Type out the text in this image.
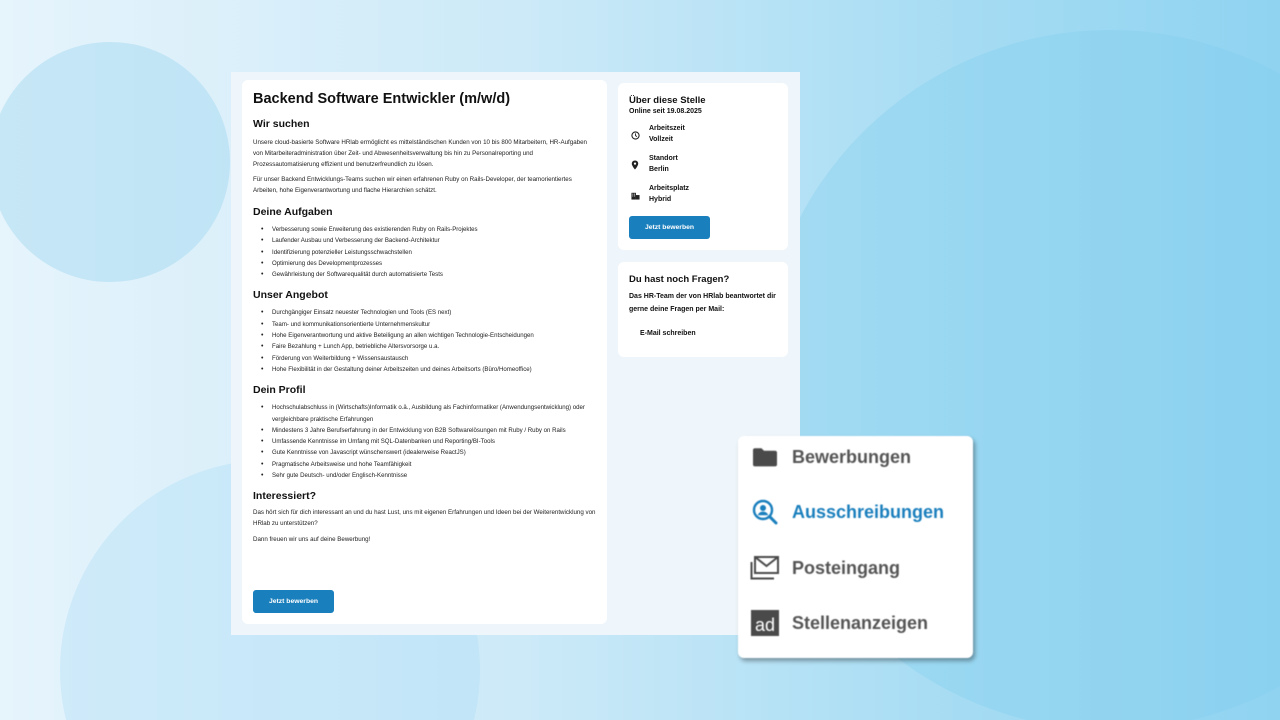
Backend Software Entwickler (m/w/d)
Wir suchen

Unsere cloud-basierte Software HRlab ermöglicht es mittelständischen Kunden von 10 bis 800 Mitarbeitern, HR-Aufgaben von Mitarbeiteradministration über Zeit- und Abwesenheitsverwaltung bis hin zu Personalreporting und Prozessautomatisierung effizient und benutzerfreundlich zu lösen.

Für unser Backend Entwicklungs-Teams suchen wir einen erfahrenen Ruby on Rails-Developer, der teamorientiertes Arbeiten, hohe Eigenverantwortung und flache Hierarchien schätzt.

Deine Aufgaben
• Verbesserung sowie Erweiterung des existierenden Ruby on Rails-Projektes
• Laufender Ausbau und Verbesserung der Backend-Architektur
• Identifizierung potenzieller Leistungsschwachstellen
• Optimierung des Developmentprozesses
• Gewährleistung der Softwarequalität durch automatisierte Tests
Unser Angebot
• Durchgängiger Einsatz neuester Technologien und Tools (ES next)
• Team- und kommunikationsorientierte Unternehmenskultur
• Hohe Eigenverantwortung und aktive Beteiligung an allen wichtigen Technologie-Entscheidungen
• Faire Bezahlung + Lunch App, betriebliche Altersvorsorge u.a.
• Förderung von Weiterbildung + Wissensaustausch
• Hohe Flexibilität in der Gestaltung deiner Arbeitszeiten und deines Arbeitsorts (Büro/Homeoffice)
Dein Profil
• Hochschulabschluss in (Wirtschafts)Informatik o.ä., Ausbildung als Fachinformatiker (Anwendungsentwicklung) oder vergleichbare praktische Erfahrungen
• Mindestens 3 Jahre Berufserfahrung in der Entwicklung von B2B Softwarelösungen mit Ruby / Ruby on Rails
• Umfassende Kenntnisse im Umfang mit SQL-Datenbanken und Reporting/BI-Tools
• Gute Kenntnisse von Javascript wünschenswert (idealerweise ReactJS)
• Pragmatische Arbeitsweise und hohe Teamfähigkeit
• Sehr gute Deutsch- und/oder Englisch-Kenntnisse
Interessiert?

Das hört sich für dich interessant an und du hast Lust, uns mit eigenen Erfahrungen und Ideen bei der Weiterentwicklung von HRlab zu unterstützen?

Dann freuen wir uns auf deine Bewerbung!

Jetzt bewerben
Über diese Stelle
Online seit 19.08.2025
Arbeitszeit
Vollzeit
Standort
Berlin
Arbeitsplatz
Hybrid
Jetzt bewerben
Du hast noch Fragen?
Das HR-Team der von HRlab beantwortet dir gerne deine Fragen per Mail:
E-Mail schreiben
Bewerbungen
Ausschreibungen
Posteingang
ad Stellenanzeigen
